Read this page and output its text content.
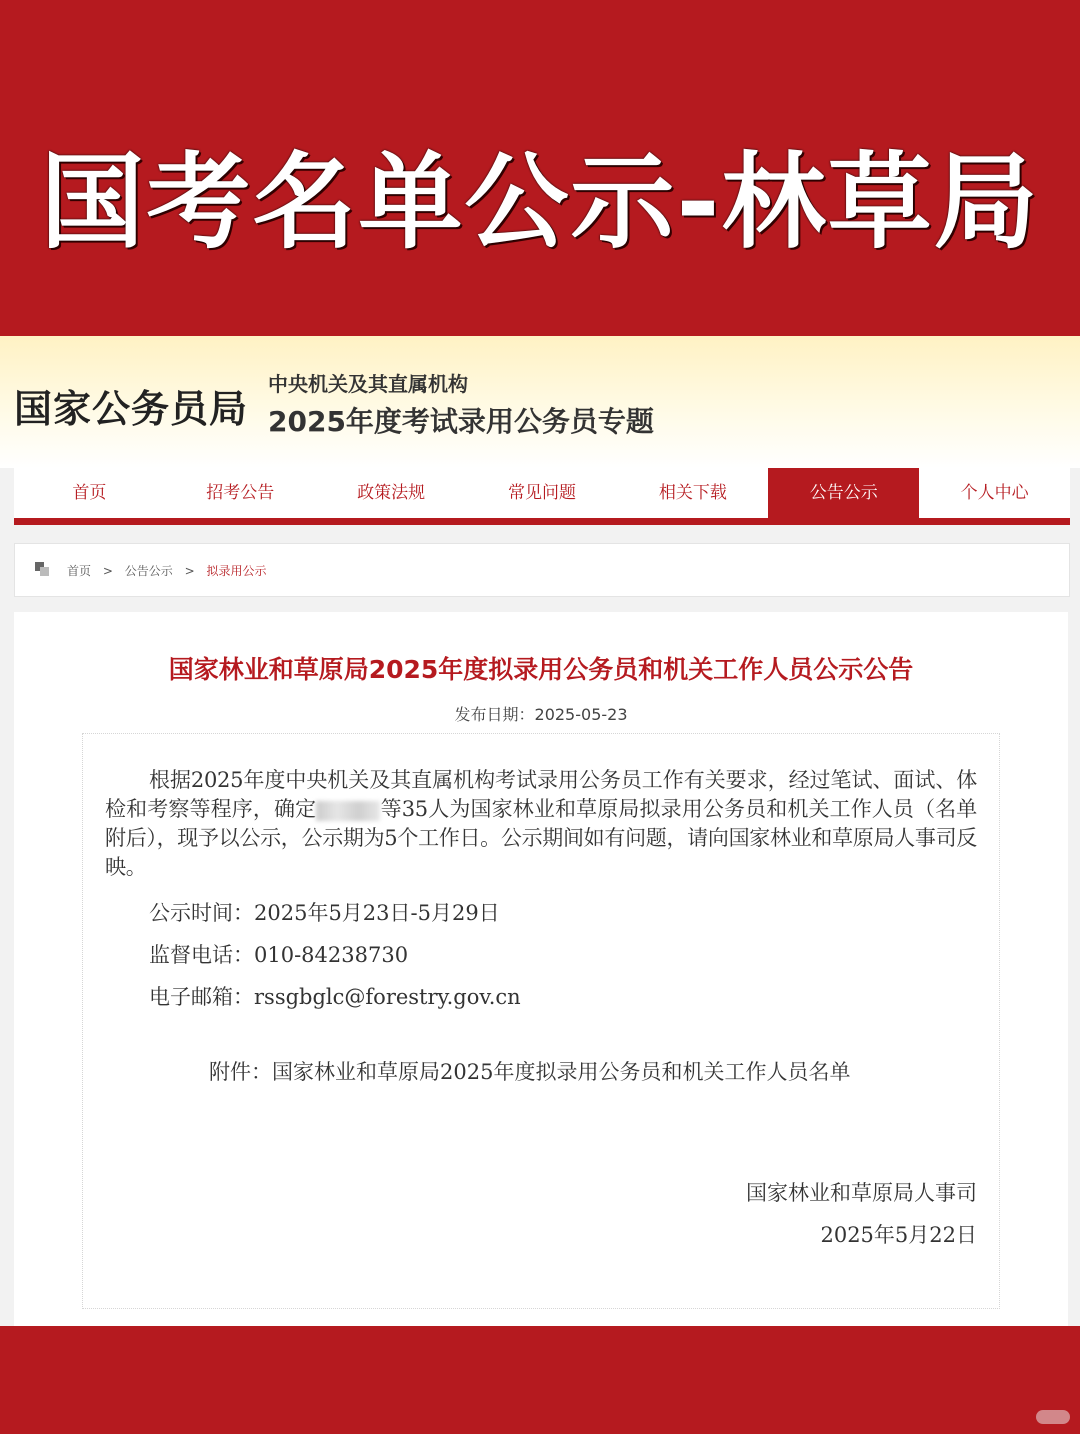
国考名单公示-林草局
国家公务员局
中央机关及其直属机构
2025年度考试录用公务员专题
首页	招考公告	政策法规	常见问题	相关下载	公告公示	个人中心
首页 > 公告公示 > 拟录用公示
国家林业和草原局2025年度拟录用公务员和机关工作人员公示公告
发布日期：2025-05-23
根据2025年度中央机关及其直属机构考试录用公务员工作有关要求，经过笔试、面试、体检和考察等程序，确定	等35人为国家林业和草原局拟录用公务员和机关工作人员（名单附后），现予以公示，公示期为5个工作日。公示期间如有问题，请向国家林业和草原局人事司反映。
公示时间：2025年5月23日-5月29日
监督电话：010-84238730
电子邮箱：rssgbglc@forestry.gov.cn
附件：国家林业和草原局2025年度拟录用公务员和机关工作人员名单
国家林业和草原局人事司
2025年5月22日
